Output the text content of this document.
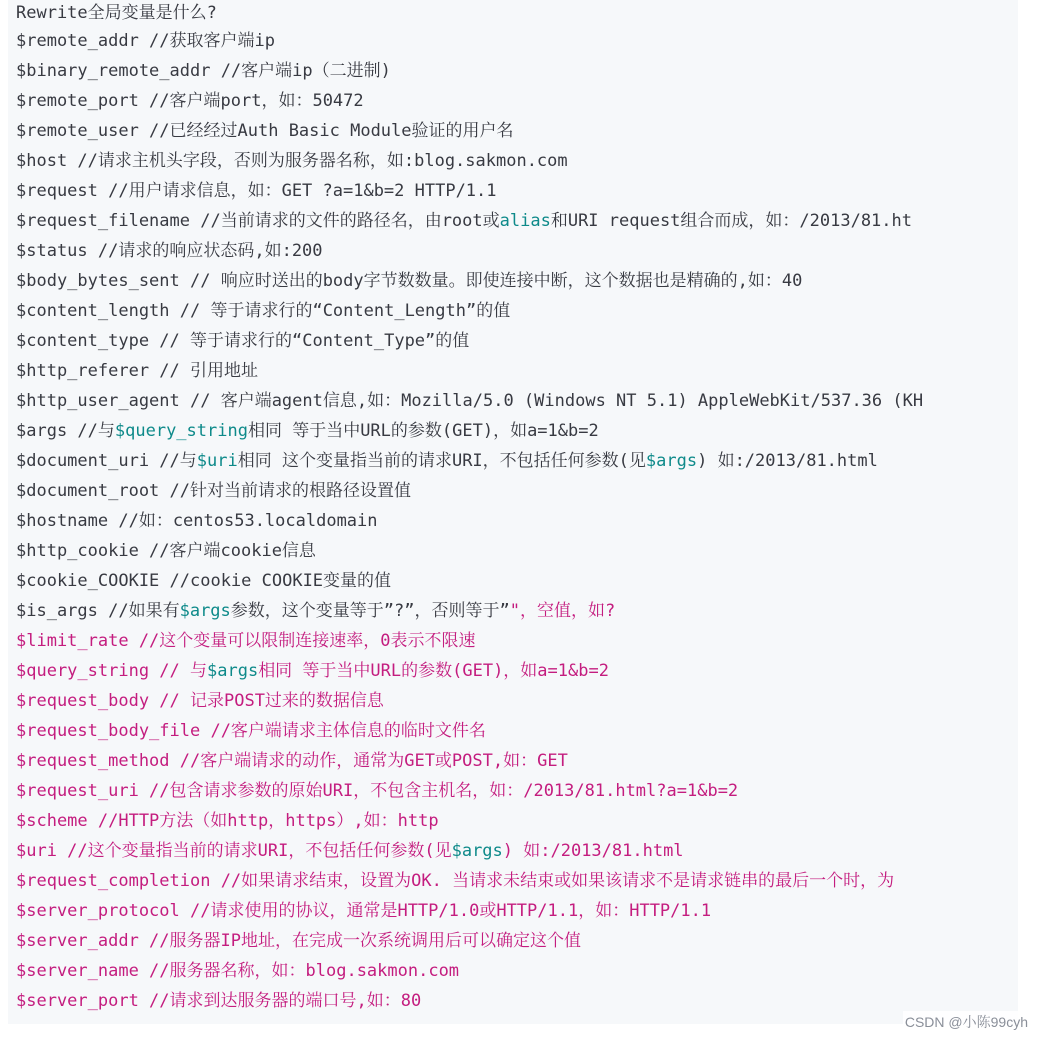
Rewrite全局变量是什么?
$remote_addr //获取客户端ip
$binary_remote_addr //客户端ip（二进制)
$remote_port //客户端port，如：50472
$remote_user //已经经过Auth Basic Module验证的用户名
$host //请求主机头字段，否则为服务器名称，如:blog.sakmon.com
$request //用户请求信息，如：GET ?a=1&b=2 HTTP/1.1
$request_filename //当前请求的文件的路径名，由root或alias和URI request组合而成，如：/2013/81.ht
$status //请求的响应状态码,如:200
$body_bytes_sent // 响应时送出的body字节数数量。即使连接中断，这个数据也是精确的,如：40
$content_length // 等于请求行的“Content_Length”的值
$content_type // 等于请求行的“Content_Type”的值
$http_referer // 引用地址
$http_user_agent // 客户端agent信息,如：Mozilla/5.0 (Windows NT 5.1) AppleWebKit/537.36 (KH
$args //与$query_string相同 等于当中URL的参数(GET)，如a=1&b=2
$document_uri //与$uri相同 这个变量指当前的请求URI，不包括任何参数(见$args) 如:/2013/81.html
$document_root //针对当前请求的根路径设置值
$hostname //如：centos53.localdomain
$http_cookie //客户端cookie信息
$cookie_COOKIE //cookie COOKIE变量的值
$is_args //如果有$args参数，这个变量等于”?”，否则等于”"，空值，如?
$limit_rate //这个变量可以限制连接速率，0表示不限速
$query_string // 与$args相同 等于当中URL的参数(GET)，如a=1&b=2
$request_body // 记录POST过来的数据信息
$request_body_file //客户端请求主体信息的临时文件名
$request_method //客户端请求的动作，通常为GET或POST,如：GET
$request_uri //包含请求参数的原始URI，不包含主机名，如：/2013/81.html?a=1&b=2
$scheme //HTTP方法（如http，https）,如：http
$uri //这个变量指当前的请求URI，不包括任何参数(见$args) 如:/2013/81.html
$request_completion //如果请求结束，设置为OK. 当请求未结束或如果该请求不是请求链串的最后一个时，为
$server_protocol //请求使用的协议，通常是HTTP/1.0或HTTP/1.1，如：HTTP/1.1
$server_addr //服务器IP地址，在完成一次系统调用后可以确定这个值
$server_name //服务器名称，如：blog.sakmon.com
$server_port //请求到达服务器的端口号,如：80
CSDN @小陈99cyh
